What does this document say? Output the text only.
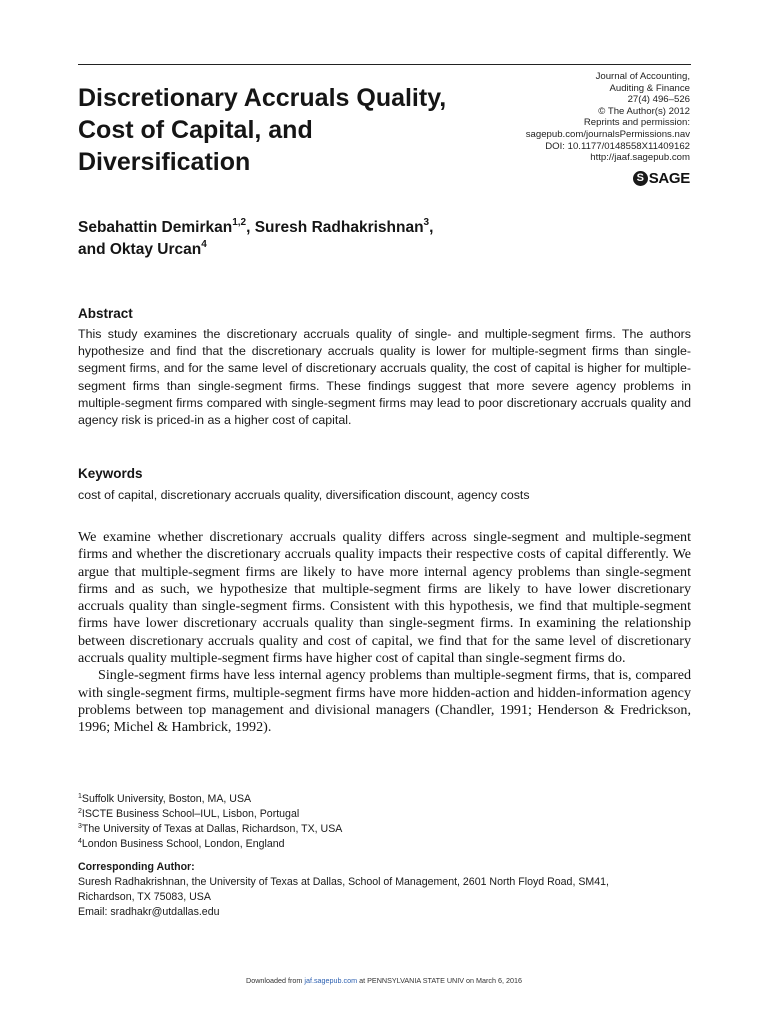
Discretionary Accruals Quality,
Cost of Capital, and
Diversification
Journal of Accounting,
Auditing & Finance
27(4) 496–526
© The Author(s) 2012
Reprints and permission:
sagepub.com/journalsPermissions.nav
DOI: 10.1177/0148558X11409162
http://jaaf.sagepub.com
S SAGE
Sebahattin Demirkan$^{1,2}$, Suresh Radhakrishnan$^3$,
and Oktay Urcan$^4$
Abstract
This study examines the discretionary accruals quality of single- and multiple-segment firms. The authors hypothesize and find that the discretionary accruals quality is lower for multiple-segment firms than single-segment firms, and for the same level of discretionary accruals quality, the cost of capital is higher for multiple-segment firms than single-segment firms. These findings suggest that more severe agency problems in multiple-segment firms compared with single-segment firms may lead to poor discretionary accruals quality and agency risk is priced-in as a higher cost of capital.
Keywords
cost of capital, discretionary accruals quality, diversification discount, agency costs

We examine whether discretionary accruals quality differs across single-segment and multiple-segment firms and whether the discretionary accruals quality impacts their respective costs of capital differently. We argue that multiple-segment firms are likely to have more internal agency problems than single-segment firms and as such, we hypothesize that multiple-segment firms are likely to have lower discretionary accruals quality than single-segment firms. Consistent with this hypothesis, we find that multiple-segment firms have lower discretionary accruals quality than single-segment firms. In examining the relationship between discretionary accruals quality and cost of capital, we find that for the same level of discretionary accruals quality multiple-segment firms have higher cost of capital than single-segment firms do.

Single-segment firms have less internal agency problems than multiple-segment firms, that is, compared with single-segment firms, multiple-segment firms have more hidden-action and hidden-information agency problems between top management and divisional managers (Chandler, 1991; Henderson & Fredrickson, 1996; Michel & Hambrick, 1992).

$^1$Suffolk University, Boston, MA, USA
$^2$ISCTE Business School–IUL, Lisbon, Portugal
$^3$The University of Texas at Dallas, Richardson, TX, USA
$^4$London Business School, London, England
Corresponding Author:
Suresh Radhakrishnan, the University of Texas at Dallas, School of Management, 2601 North Floyd Road, SM41,
Richardson, TX 75083, USA
Email: sradhakr@utdallas.edu
Downloaded from jaf.sagepub.com at PENNSYLVANIA STATE UNIV on March 6, 2016
